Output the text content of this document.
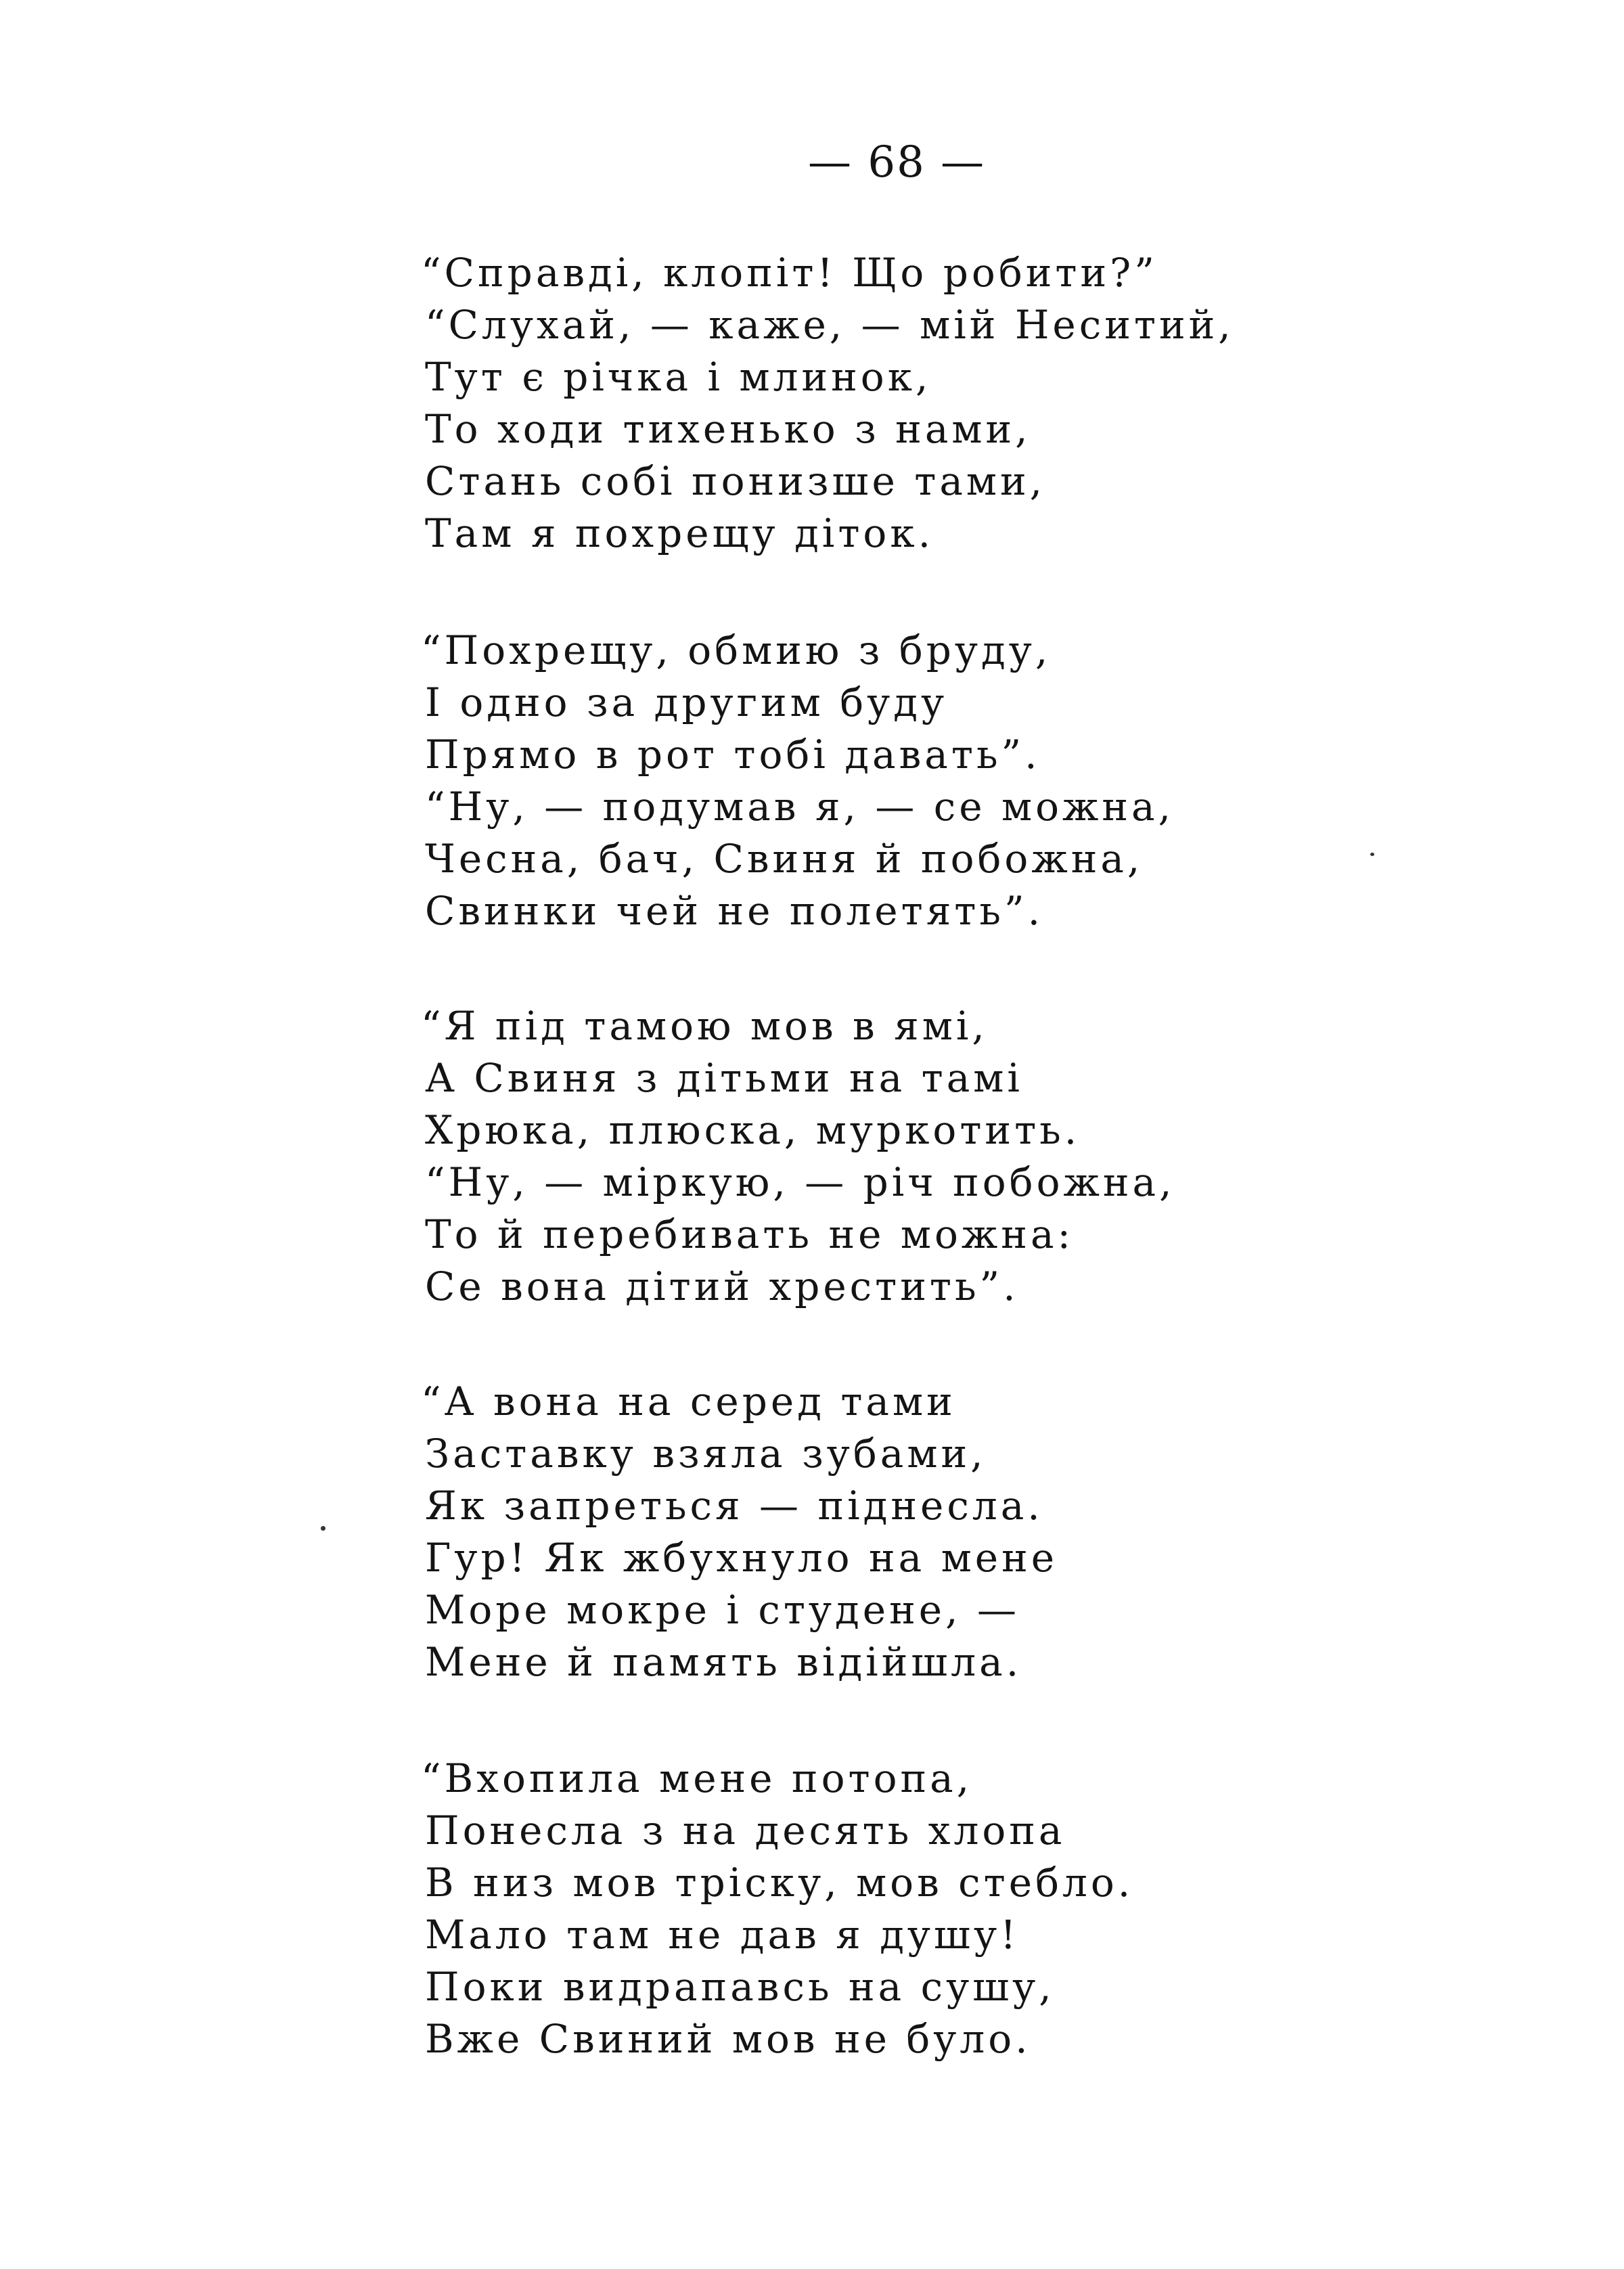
— 68 —
“Справді, клопіт! Що робити?”
“Слухай, — каже, — мій Неситий,
Тут є річка і млинок,
То ходи тихенько з нами,
Стань собі понизше тами,
Там я похрещу діток.
“Похрещу, обмию з бруду,
І одно за другим буду
Прямо в рот тобі давать”.
“Ну, — подумав я, — се можна,
Чесна, бач, Свиня й побожна,
Свинки чей не полетять”.
“Я під тамою мов в ямі,
А Свиня з дітьми на тамі
Хрюка, плюска, муркотить.
“Ну, — міркую, — річ побожна,
То й перебивать не можна:
Се вона дітий хрестить”.
“А вона на серед тами
Заставку взяла зубами,
Як запреться — піднесла.
Гур! Як жбухнуло на мене
Море мокре і студене, —
Мене й память відійшла.
“Вхопила мене потопа,
Понесла з на десять хлопа
В низ мов тріску, мов стебло.
Мало там не дав я душу!
Поки видрапавсь на сушу,
Вже Свиний мов не було.
